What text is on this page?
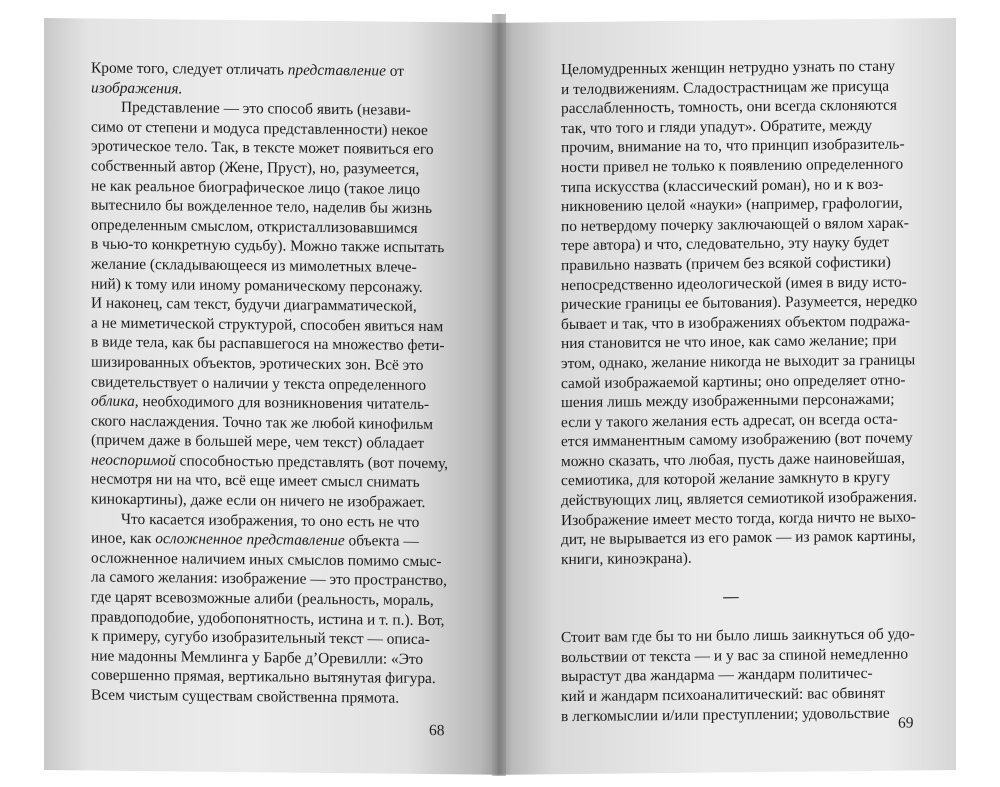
Кроме того, следует отличать представление от
изображения.
Представление — это способ явить (незави-
симо от степени и модуса представленности) некое
эротическое тело. Так, в тексте может появиться его
собственный автор (Жене, Пруст), но, разумеется,
не как реальное биографическое лицо (такое лицо
вытеснило бы вожделенное тело, наделив бы жизнь
определенным смыслом, откристаллизовавшимся
в чью-то конкретную судьбу). Можно также испытать
желание (складывающееся из мимолетных влече-
ний) к тому или иному романическому персонажу.
И наконец, сам текст, будучи диаграмматической,
а не миметической структурой, способен явиться нам
в виде тела, как бы распавшегося на множество фети-
шизированных объектов, эротических зон. Всё это
свидетельствует о наличии у текста определенного
облика, необходимого для возникновения читатель-
ского наслаждения. Точно так же любой кинофильм
(причем даже в большей мере, чем текст) обладает
неоспоримой способностью представлять (вот почему,
несмотря ни на что, всё еще имеет смысл снимать
кинокартины), даже если он ничего не изображает.
Что касается изображения, то оно есть не что
иное, как осложненное представление объекта —
осложненное наличием иных смыслов помимо смыс-
ла самого желания: изображение — это пространство,
где царят всевозможные алиби (реальность, мораль,
правдоподобие, удобопонятность, истина и т. п.). Вот,
к примеру, сугубо изобразительный текст — описа-
ние мадонны Мемлинга у Барбе д’Оревилли: «Это
совершенно прямая, вертикально вытянутая фигура.
Всем чистым существам свойственна прямота.
68
Целомудренных женщин нетрудно узнать по стану
и телодвижениям. Сладострастницам же присуща
расслабленность, томность, они всегда склоняются
так, что того и гляди упадут». Обратите, между
прочим, внимание на то, что принцип изобразитель-
ности привел не только к появлению определенного
типа искусства (классический роман), но и к воз-
никновению целой «науки» (например, графологии,
по нетвердому почерку заключающей о вялом харак-
тере автора) и что, следовательно, эту науку будет
правильно назвать (причем без всякой софистики)
непосредственно идеологической (имея в виду исто-
рические границы ее бытования). Разумеется, нередко
бывает и так, что в изображениях объектом подража-
ния становится не что иное, как само желание; при
этом, однако, желание никогда не выходит за границы
самой изображаемой картины; оно определяет отно-
шения лишь между изображенными персонажами;
если у такого желания есть адресат, он всегда оста-
ется имманентным самому изображению (вот почему
можно сказать, что любая, пусть даже наиновейшая,
семиотика, для которой желание замкнуто в кругу
действующих лиц, является семиотикой изображения.
Изображение имеет место тогда, когда ничто не выхо-
дит, не вырывается из его рамок — из рамок картины,
книги, киноэкрана).
—
Стоит вам где бы то ни было лишь заикнуться об удо-
вольствии от текста — и у вас за спиной немедленно
вырастут два жандарма — жандарм политичес-
кий и жандарм психоаналитический: вас обвинят
в легкомыслии и/или преступлении; удовольствие 69
